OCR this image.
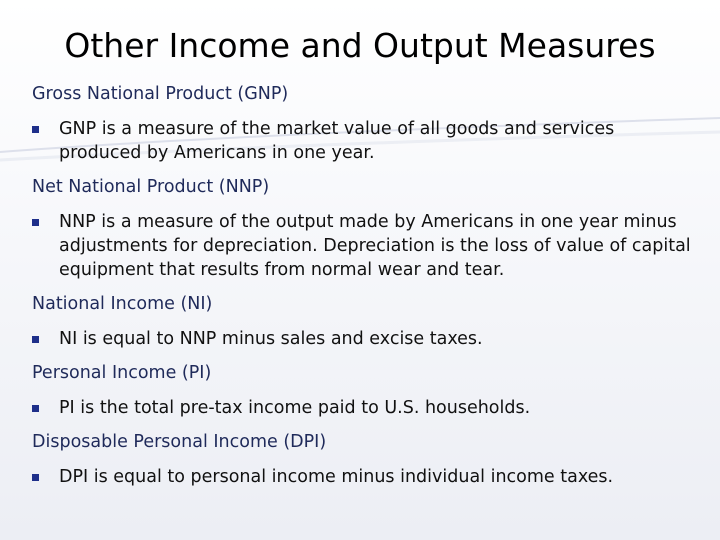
Other Income and Output Measures
Gross National Product (GNP)
GNP is a measure of the market value of all goods and services produced by Americans in one year.
Net National Product (NNP)
NNP is a measure of the output made by Americans in one year minus adjustments for depreciation. Depreciation is the loss of value of capital equipment that results from normal wear and tear.
National Income (NI)
NI is equal to NNP minus sales and excise taxes.
Personal Income (PI)
PI is the total pre-tax income paid to U.S. households.
Disposable Personal Income (DPI)
DPI is equal to personal income minus individual income taxes.
